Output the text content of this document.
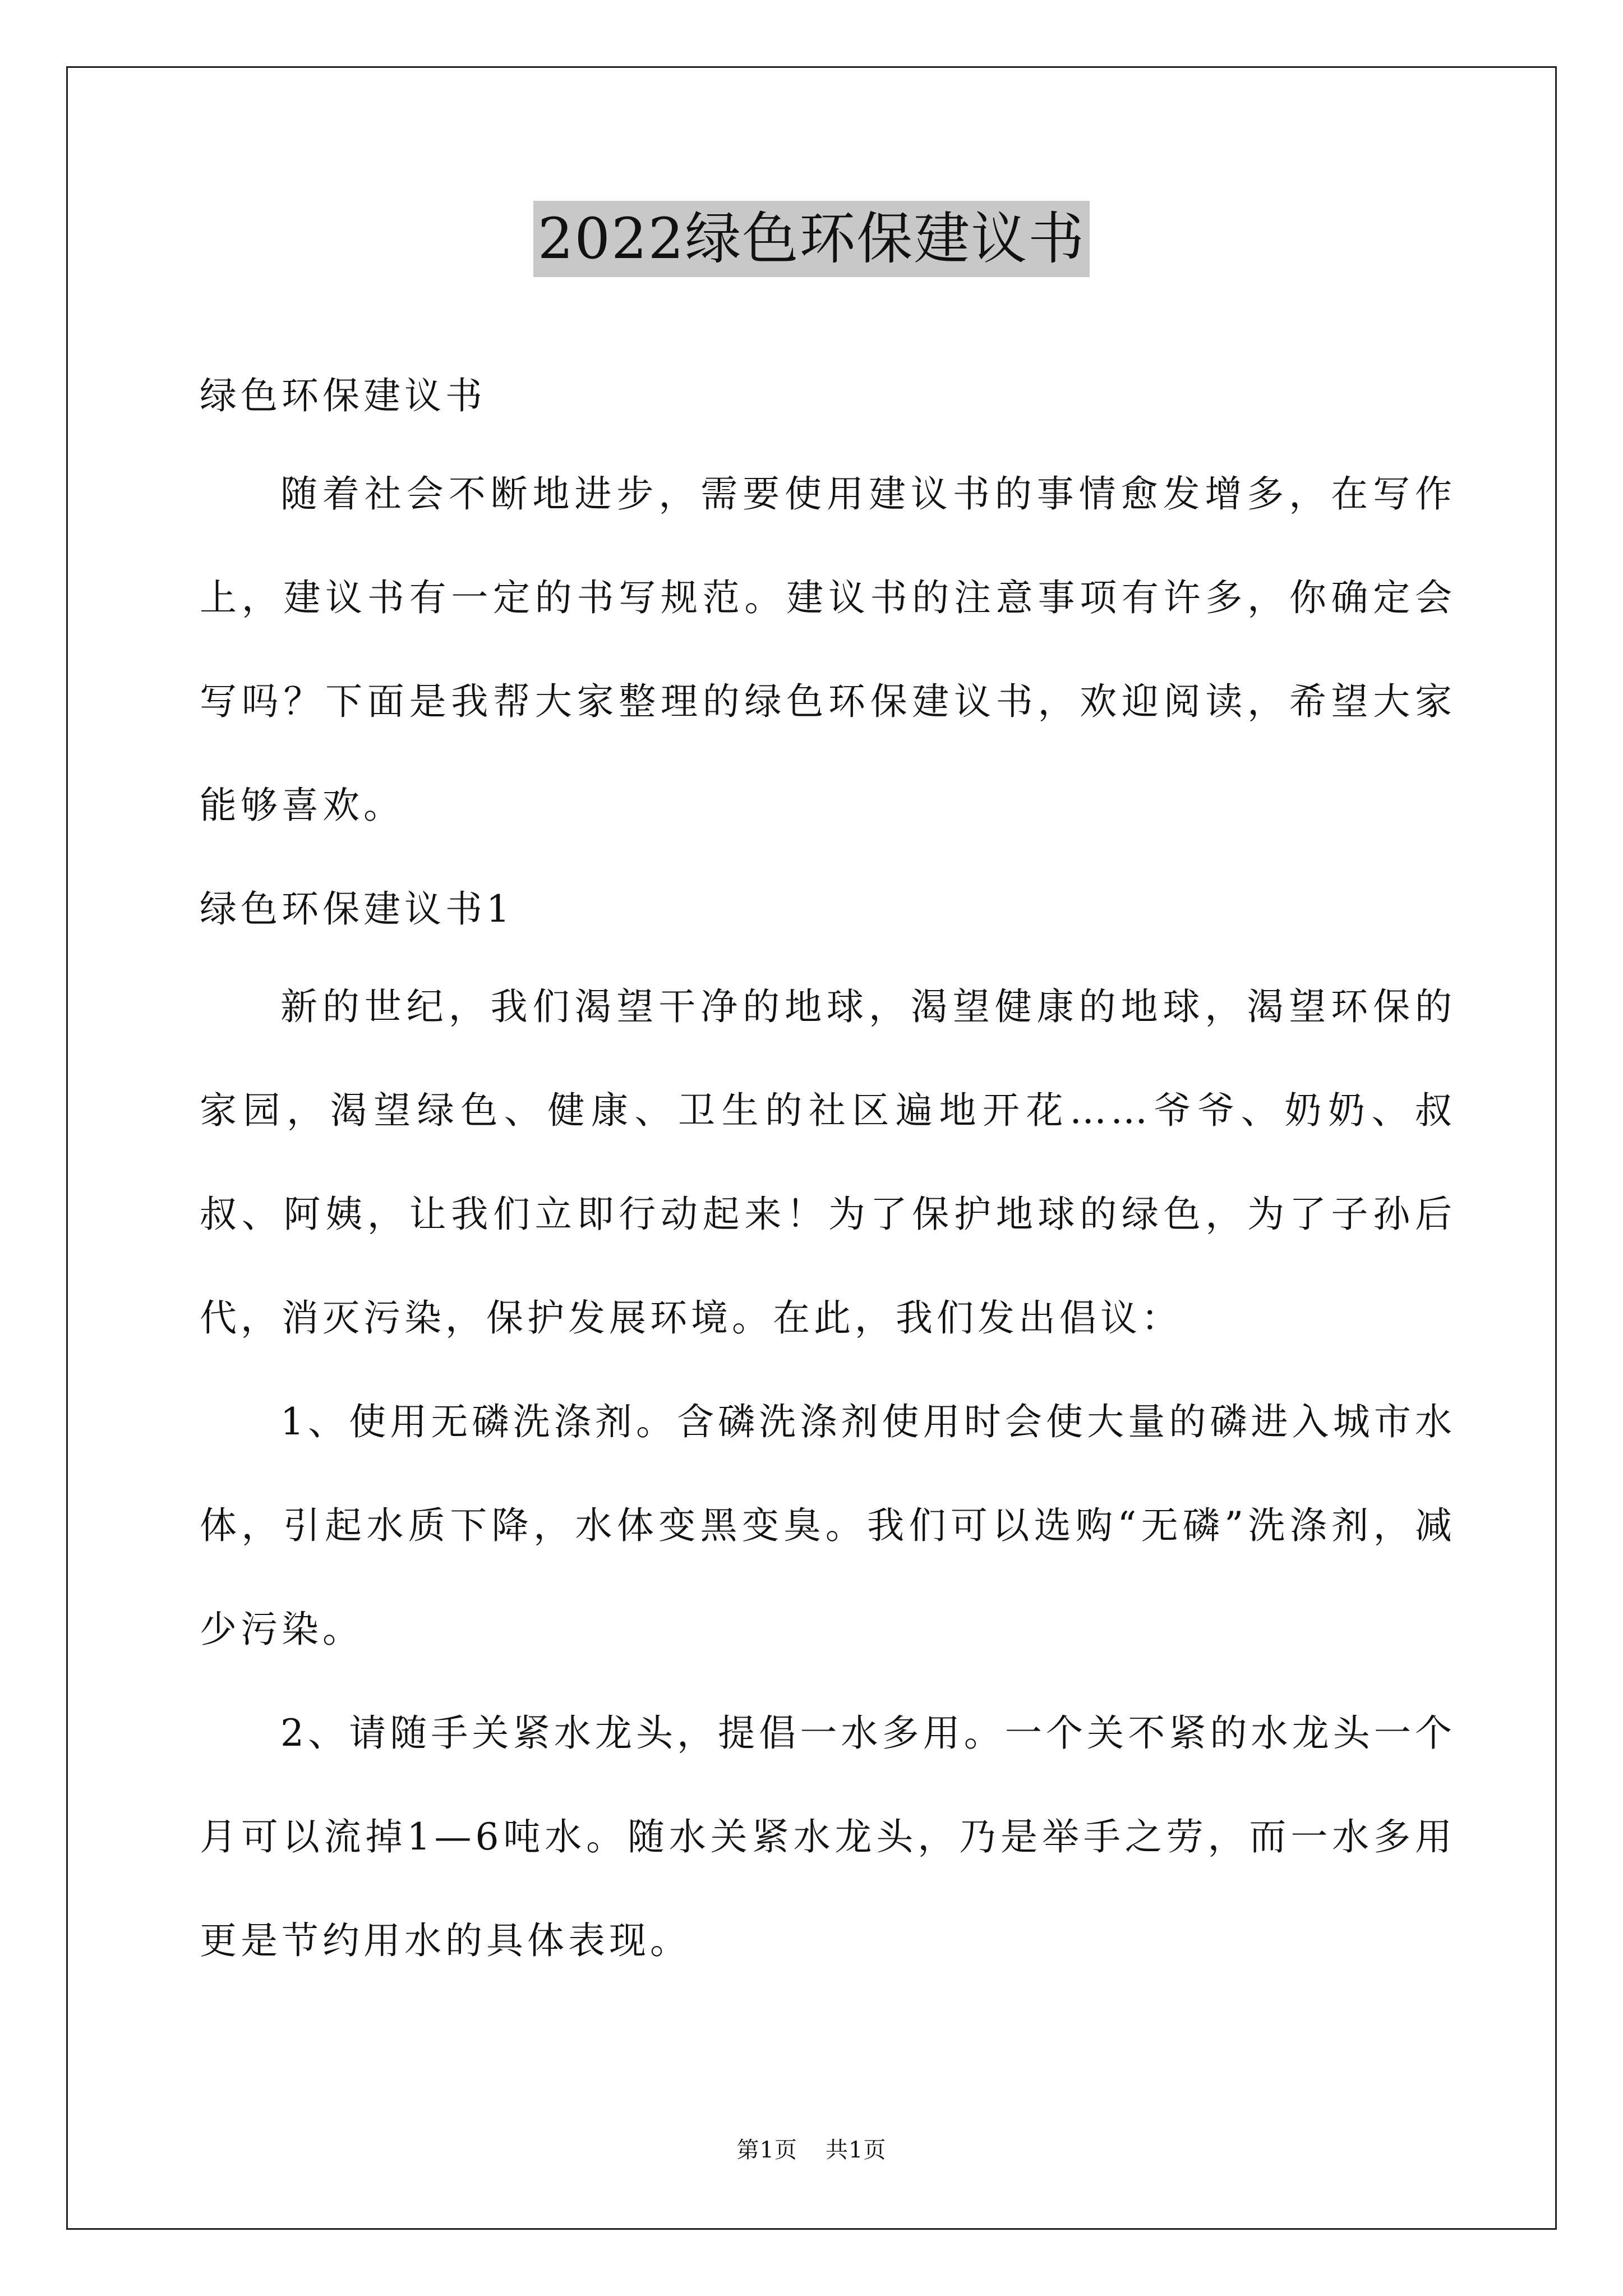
2022绿色环保建议书

绿色环保建议书

随着社会不断地进步，需要使用建议书的事情愈发增多，在写作上，建议书有一定的书写规范。建议书的注意事项有许多，你确定会写吗？下面是我帮大家整理的绿色环保建议书，欢迎阅读，希望大家能够喜欢。

绿色环保建议书1

新的世纪，我们渴望干净的地球，渴望健康的地球，渴望环保的家园，渴望绿色、健康、卫生的社区遍地开花……爷爷、奶奶、叔叔、阿姨，让我们立即行动起来！为了保护地球的绿色，为了子孙后代，消灭污染，保护发展环境。在此，我们发出倡议：

1、使用无磷洗涤剂。含磷洗涤剂使用时会使大量的磷进入城市水体，引起水质下降，水体变黑变臭。我们可以选购“无磷”洗涤剂，减少污染。

2、请随手关紧水龙头，提倡一水多用。一个关不紧的水龙头一个月可以流掉1—6吨水。随水关紧水龙头，乃是举手之劳，而一水多用更是节约用水的具体表现。

第1页 共1页
